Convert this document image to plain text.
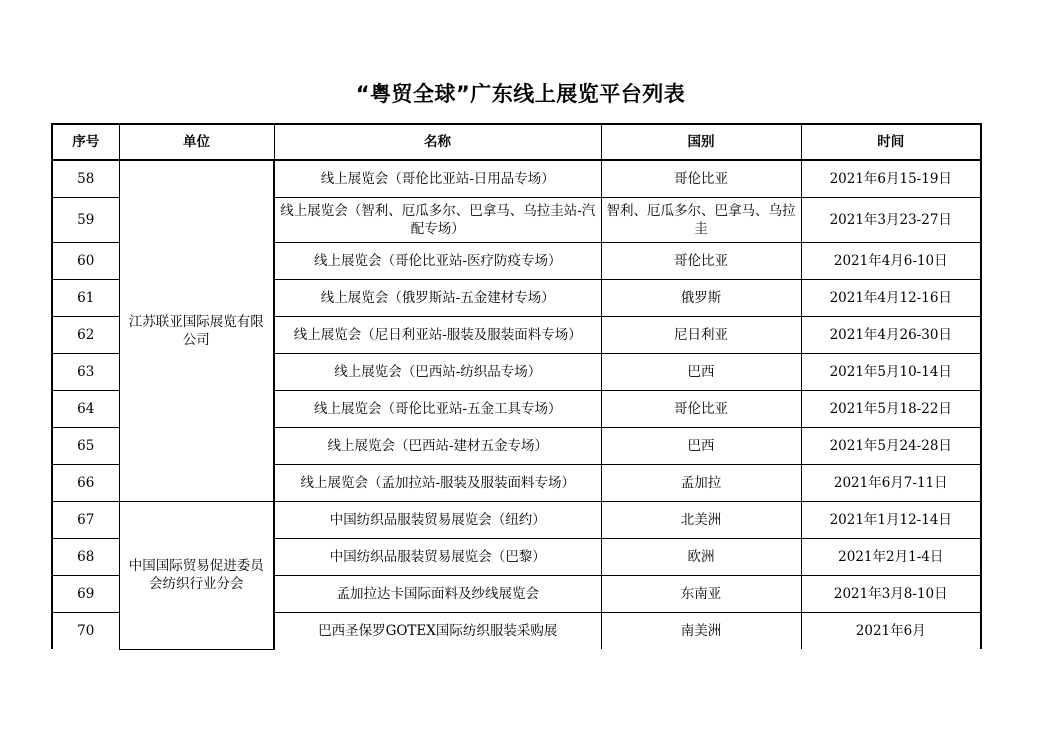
“粤贸全球”广东线上展览平台列表
序号	单位	名称	国别	时间
58	江苏联亚国际展览有限公司	线上展览会（哥伦比亚站-日用品专场）	哥伦比亚	2021年6月15-19日
59		线上展览会（智利、厄瓜多尔、巴拿马、乌拉圭站-汽配专场）	智利、厄瓜多尔、巴拿马、乌拉圭	2021年3月23-27日
60		线上展览会（哥伦比亚站-医疗防疫专场）	哥伦比亚	2021年4月6-10日
61		线上展览会（俄罗斯站-五金建材专场）	俄罗斯	2021年4月12-16日
62		线上展览会（尼日利亚站-服装及服装面料专场）	尼日利亚	2021年4月26-30日
63		线上展览会（巴西站-纺织品专场）	巴西	2021年5月10-14日
64		线上展览会（哥伦比亚站-五金工具专场）	哥伦比亚	2021年5月18-22日
65		线上展览会（巴西站-建材五金专场）	巴西	2021年5月24-28日
66		线上展览会（孟加拉站-服装及服装面料专场）	孟加拉	2021年6月7-11日
67	中国国际贸易促进委员会纺织行业分会	中国纺织品服装贸易展览会（纽约）	北美洲	2021年1月12-14日
68		中国纺织品服装贸易展览会（巴黎）	欧洲	2021年2月1-4日
69		孟加拉达卡国际面料及纱线展览会	东南亚	2021年3月8-10日
70		巴西圣保罗GOTEX国际纺织服装采购展	南美洲	2021年6月
